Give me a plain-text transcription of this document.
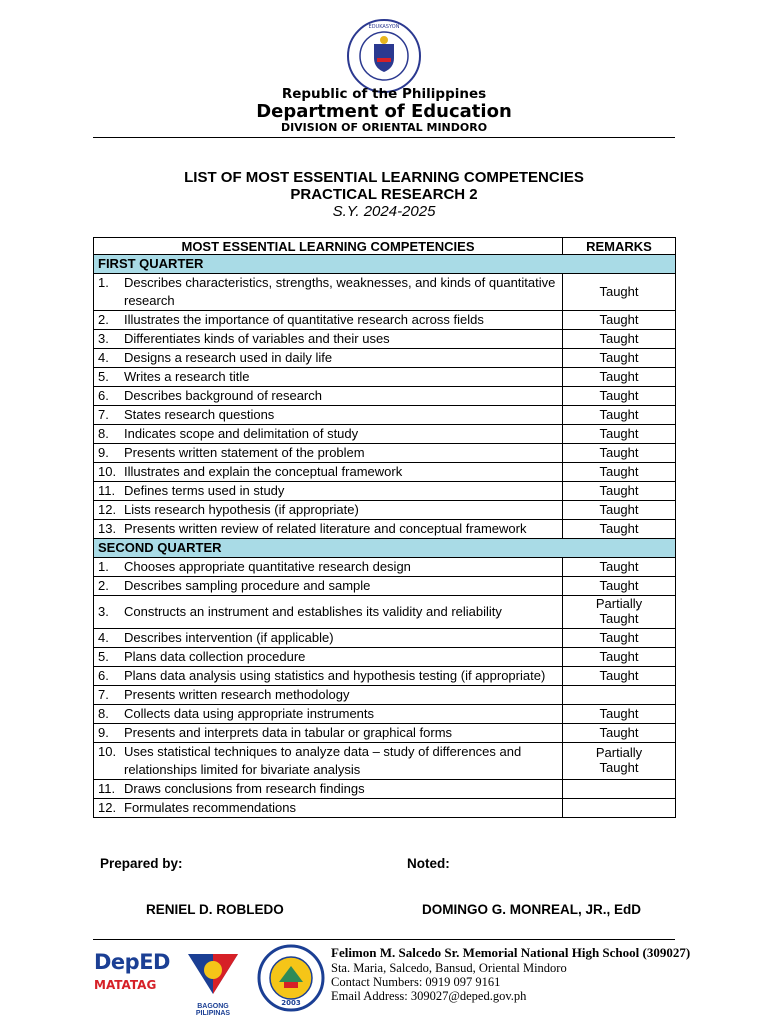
EDUKASYON
Republic of the Philippines
Department of Education
DIVISION OF ORIENTAL MINDORO
LIST OF MOST ESSENTIAL LEARNING COMPETENCIES
PRACTICAL RESEARCH 2
S.Y. 2024-2025
MOST ESSENTIAL LEARNING COMPETENCIES	REMARKS
FIRST QUARTER	

1. Describes characteristics, strengths, weaknesses, and kinds of quantitative research	Taught

2. Illustrates the importance of quantitative research across fields	Taught

3. Differentiates kinds of variables and their uses	Taught

4. Designs a research used in daily life	Taught

5. Writes a research title	Taught

6. Describes background of research	Taught

7. States research questions	Taught

8. Indicates scope and delimitation of study	Taught

9. Presents written statement of the problem	Taught

10. Illustrates and explain the conceptual framework	Taught

11. Defines terms used in study	Taught

12. Lists research hypothesis (if appropriate)	Taught

13. Presents written review of related literature and conceptual framework	Taught
SECOND QUARTER	

1. Chooses appropriate quantitative research design	Taught

2. Describes sampling procedure and sample	Taught

3. Constructs an instrument and establishes its validity and reliability	Partially Taught

4. Describes intervention (if applicable)	Taught

5. Plans data collection procedure	Taught

6. Plans data analysis using statistics and hypothesis testing (if appropriate)	Taught

7. Presents written research methodology	

8. Collects data using appropriate instruments	Taught

9. Presents and interprets data in tabular or graphical forms	Taught

10. Uses statistical techniques to analyze data – study of differences and relationships limited for bivariate analysis	Partially Taught

11. Draws conclusions from research findings	

12. Formulates recommendations	

Prepared by:	Noted:
RENIEL D. ROBLEDO	DOMINGO G. MONREAL, JR., EdD
DepED
MATATAG
BAGONG PILIPINAS
2003
Felimon M. Salcedo Sr. Memorial National High School (309027)
Sta. Maria, Salcedo, Bansud, Oriental Mindoro
Contact Numbers: 0919 097 9161
Email Address: 309027@deped.gov.ph
